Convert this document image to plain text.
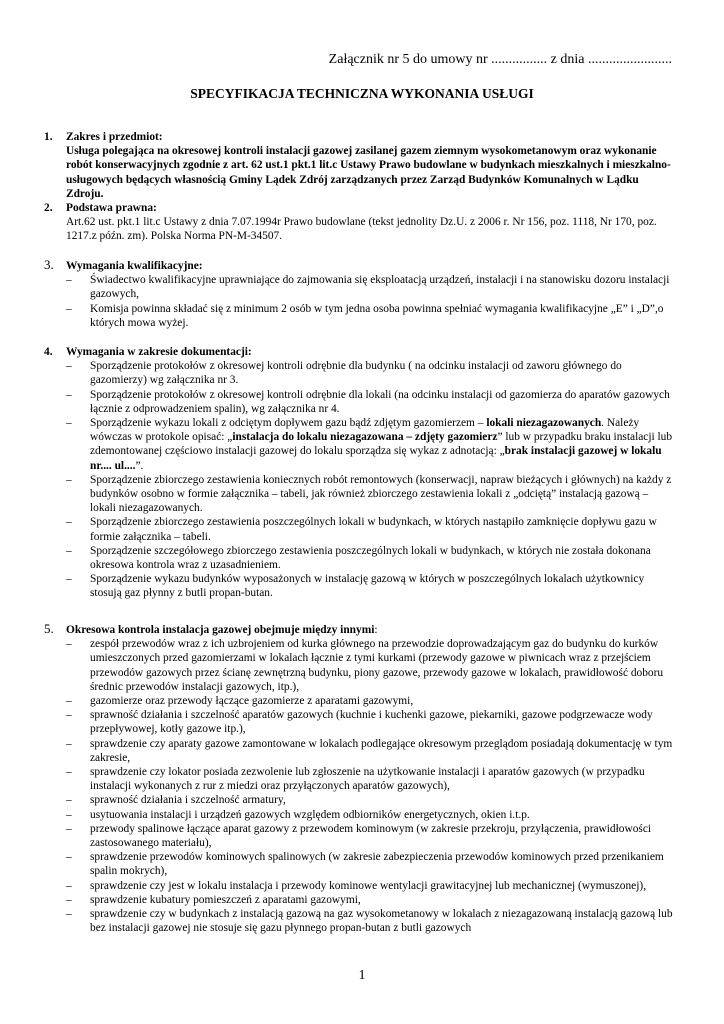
Załącznik nr 5 do umowy nr ................ z dnia ........................
SPECYFIKACJA TECHNICZNA WYKONANIA USŁUGI
1. Zakres i przedmiot:
Usługa polegająca na okresowej kontroli instalacji gazowej zasilanej gazem ziemnym wysokometanowym oraz wykonanie robót konserwacyjnych zgodnie z art. 62 ust.1 pkt.1 lit.c Ustawy Prawo budowlane w budynkach mieszkalnych i mieszkalno-usługowych będących własnością Gminy Lądek Zdrój zarządzanych przez Zarząd Budynków Komunalnych w Lądku Zdroju.
2. Podstawa prawna:
Art.62 ust. pkt.1 lit.c Ustawy z dnia 7.07.1994r Prawo budowlane (tekst jednolity Dz.U. z 2006 r. Nr 156, poz. 1118, Nr 170, poz. 1217.z późn. zm). Polska Norma PN-M-34507.
3. Wymagania kwalifikacyjne:
– Świadectwo kwalifikacyjne uprawniające do zajmowania się eksploatacją urządzeń, instalacji i na stanowisku dozoru instalacji gazowych,
– Komisja powinna składać się z minimum 2 osób w tym jedna osoba powinna spełniać wymagania kwalifikacyjne „E” i „D”,o których mowa wyżej.
4. Wymagania w zakresie dokumentacji:
– Sporządzenie protokołów z okresowej kontroli odrębnie dla budynku ( na odcinku instalacji od zaworu głównego do gazomierzy) wg załącznika nr 3.
– Sporządzenie protokołów z okresowej kontroli odrębnie dla lokali (na odcinku instalacji od gazomierza do aparatów gazowych łącznie z odprowadzeniem spalin), wg załącznika nr 4.
– Sporządzenie wykazu lokali z odciętym dopływem gazu bądź zdjętym gazomierzem – lokali niezagazowanych. Należy wówczas w protokole opisać: „instalacja do lokalu niezagazowana – zdjęty gazomierz” lub w przypadku braku instalacji lub zdemontowanej częściowo instalacji gazowej do lokalu sporządza się wykaz z adnotacją: „brak instalacji gazowej w lokalu nr.... ul....”.
– Sporządzenie zbiorczego zestawienia koniecznych robót remontowych (konserwacji, napraw bieżących i głównych) na każdy z budynków osobno w formie załącznika – tabeli, jak również zbiorczego zestawienia lokali z „odciętą” instalacją gazową – lokali niezagazowanych.
– Sporządzenie zbiorczego zestawienia poszczególnych lokali w budynkach, w których nastąpiło zamknięcie dopływu gazu w formie załącznika – tabeli.
– Sporządzenie szczegółowego zbiorczego zestawienia poszczególnych lokali w budynkach, w których nie została dokonana okresowa kontrola wraz z uzasadnieniem.
– Sporządzenie wykazu budynków wyposażonych w instalację gazową w których w poszczególnych lokalach użytkownicy stosują gaz płynny z butli propan-butan.
5. Okresowa kontrola instalacja gazowej obejmuje między innymi:
– zespół przewodów wraz z ich uzbrojeniem od kurka głównego na przewodzie doprowadzającym gaz do budynku do kurków umieszczonych przed gazomierzami w lokalach łącznie z tymi kurkami (przewody gazowe w piwnicach wraz z przejściem przewodów gazowych przez ścianę zewnętrzną budynku, piony gazowe, przewody gazowe w lokalach, prawidłowość doboru średnic przewodów instalacji gazowych, itp.),
– gazomierze oraz przewody łączące gazomierze z aparatami gazowymi,
– sprawność działania i szczelność aparatów gazowych (kuchnie i kuchenki gazowe, piekarniki, gazowe podgrzewacze wody przepływowej, kotły gazowe itp.),
– sprawdzenie czy aparaty gazowe zamontowane w lokalach podlegające okresowym przeglądom posiadają dokumentację w tym zakresie,
– sprawdzenie czy lokator posiada zezwolenie lub zgłoszenie na użytkowanie instalacji i aparatów gazowych (w przypadku instalacji wykonanych z rur z miedzi oraz przyłączonych aparatów gazowych),
– sprawność działania i szczelność armatury,
– usytuowania instalacji i urządzeń gazowych względem odbiorników energetycznych, okien i.t.p.
– przewody spalinowe łączące aparat gazowy z przewodem kominowym (w zakresie przekroju, przyłączenia, prawidłowości zastosowanego materiału),
– sprawdzenie przewodów kominowych spalinowych (w zakresie zabezpieczenia przewodów kominowych przed przenikaniem spalin mokrych),
– sprawdzenie czy jest w lokalu instalacja i przewody kominowe wentylacji grawitacyjnej lub mechanicznej (wymuszonej),
– sprawdzenie kubatury pomieszczeń z aparatami gazowymi,
– sprawdzenie czy w budynkach z instalacją gazową na gaz wysokometanowy w lokalach z niezagazowaną instalacją gazową lub bez instalacji gazowej nie stosuje się gazu płynnego propan-butan z butli gazowych
1
